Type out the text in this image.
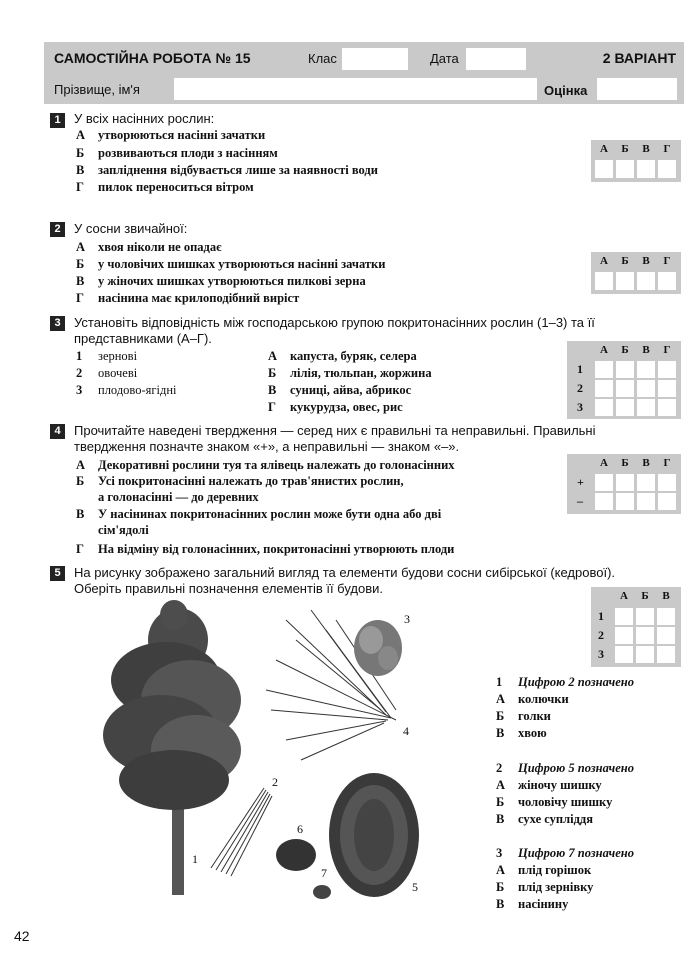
САМОСТІЙНА РОБОТА № 15	Клас	Дата	2 ВАРІАНТ
Прізвище, ім'я	Оцінка
1	У всіх насінних рослин:
А утворюються насінні зачатки
Б розвиваються плоди з насінням
В запліднення відбувається лише за наявності води
Г пилок переноситься вітром
А	Б	В	Г
2	У сосни звичайної:
А хвоя ніколи не опадає
Б у чоловічих шишках утворюються насінні зачатки
В у жіночих шишках утворюються пилкові зерна
Г насінина має крилоподібний виріст
А	Б	В	Г
3	Установіть відповідність між господарською групою покритонасінних рослин (1–3) та її
представниками (А–Г).
1 зернові
2 овочеві
3 плодово-ягідні
А капуста, буряк, селера
Б лілія, тюльпан, жоржина
В суниці, айва, абрикос
Г кукурудза, овес, рис
А	Б	В	Г
1
2
3
4	Прочитайте наведені твердження — серед них є правильні та неправильні. Правильні
твердження позначте знаком «+», а неправильні — знаком «–».
А Декоративні рослини туя та ялівець належать до голонасінних
Б Усі покритонасінні належать до трав'янистих рослин,
а голонасінні — до деревних
В У насінинах покритонасінних рослин може бути одна або дві
сім'ядолі
Г На відміну від голонасінних, покритонасінні утворюють плоди
А	Б	В	Г
+
–
5	На рисунку зображено загальний вигляд та елементи будови сосни сибірської (кедрової).
Оберіть правильні позначення елементів її будови.	А	Б	В
1
2
3
1
2
3
4
5
6
7
1 Цифрою 2 позначено
А колючки
Б голки
В хвою
2 Цифрою 5 позначено
А жіночу шишку
Б чоловічу шишку
В сухе супліддя
3 Цифрою 7 позначено
А плід горішок
Б плід зернівку
В насінину
42
